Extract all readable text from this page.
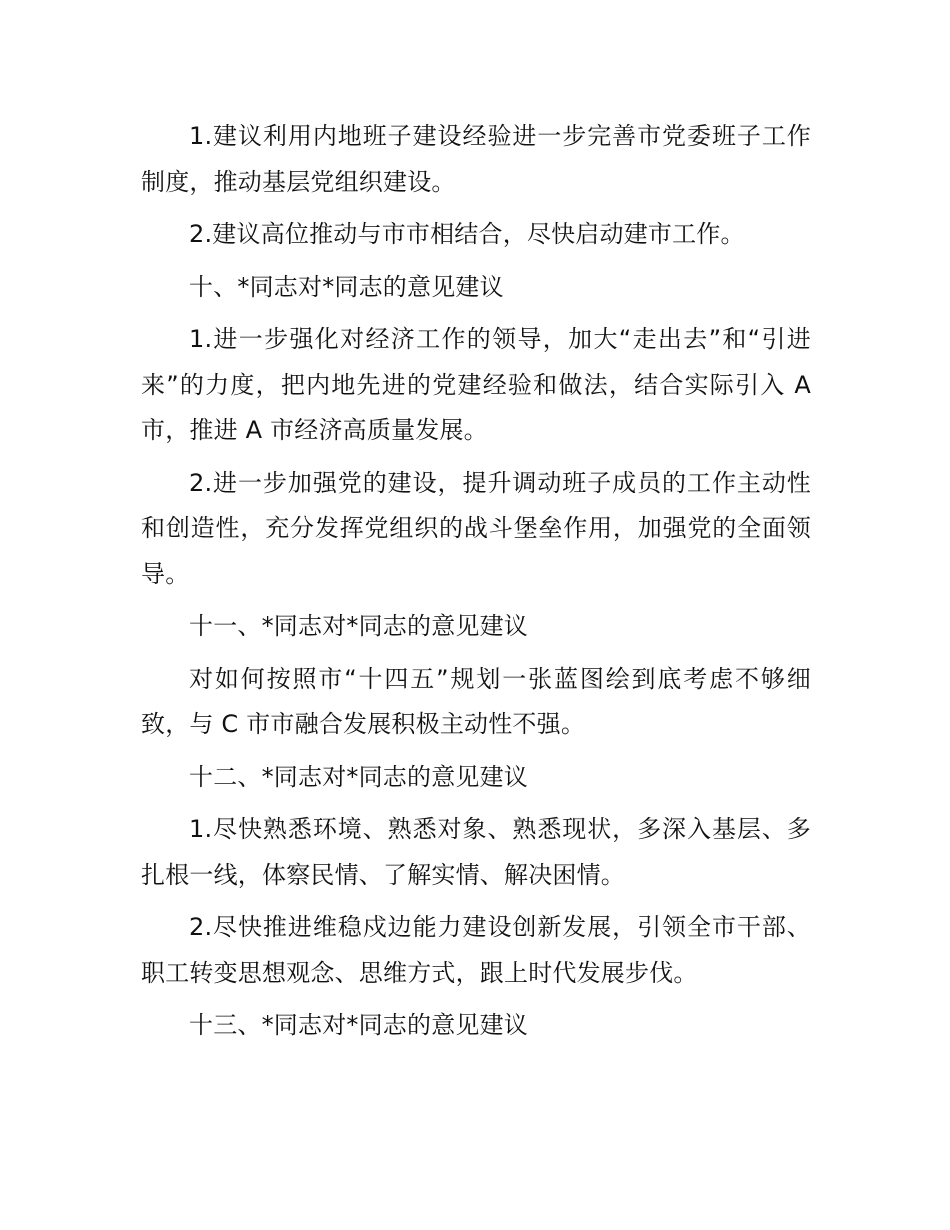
1.建议利用内地班子建设经验进一步完善市党委班子工作制度，推动基层党组织建设。

2.建议高位推动与市市相结合，尽快启动建市工作。

十、*同志对*同志的意见建议

1.进一步强化对经济工作的领导，加大“走出去”和“引进来”的力度，把内地先进的党建经验和做法，结合实际引入 A 市，推进 A 市经济高质量发展。

2.进一步加强党的建设，提升调动班子成员的工作主动性和创造性，充分发挥党组织的战斗堡垒作用，加强党的全面领导。

十一、*同志对*同志的意见建议

对如何按照市“十四五”规划一张蓝图绘到底考虑不够细致，与 C 市市融合发展积极主动性不强。

十二、*同志对*同志的意见建议

1.尽快熟悉环境、熟悉对象、熟悉现状，多深入基层、多扎根一线，体察民情、了解实情、解决困情。

2.尽快推进维稳戍边能力建设创新发展，引领全市干部、职工转变思想观念、思维方式，跟上时代发展步伐。

十三、*同志对*同志的意见建议
